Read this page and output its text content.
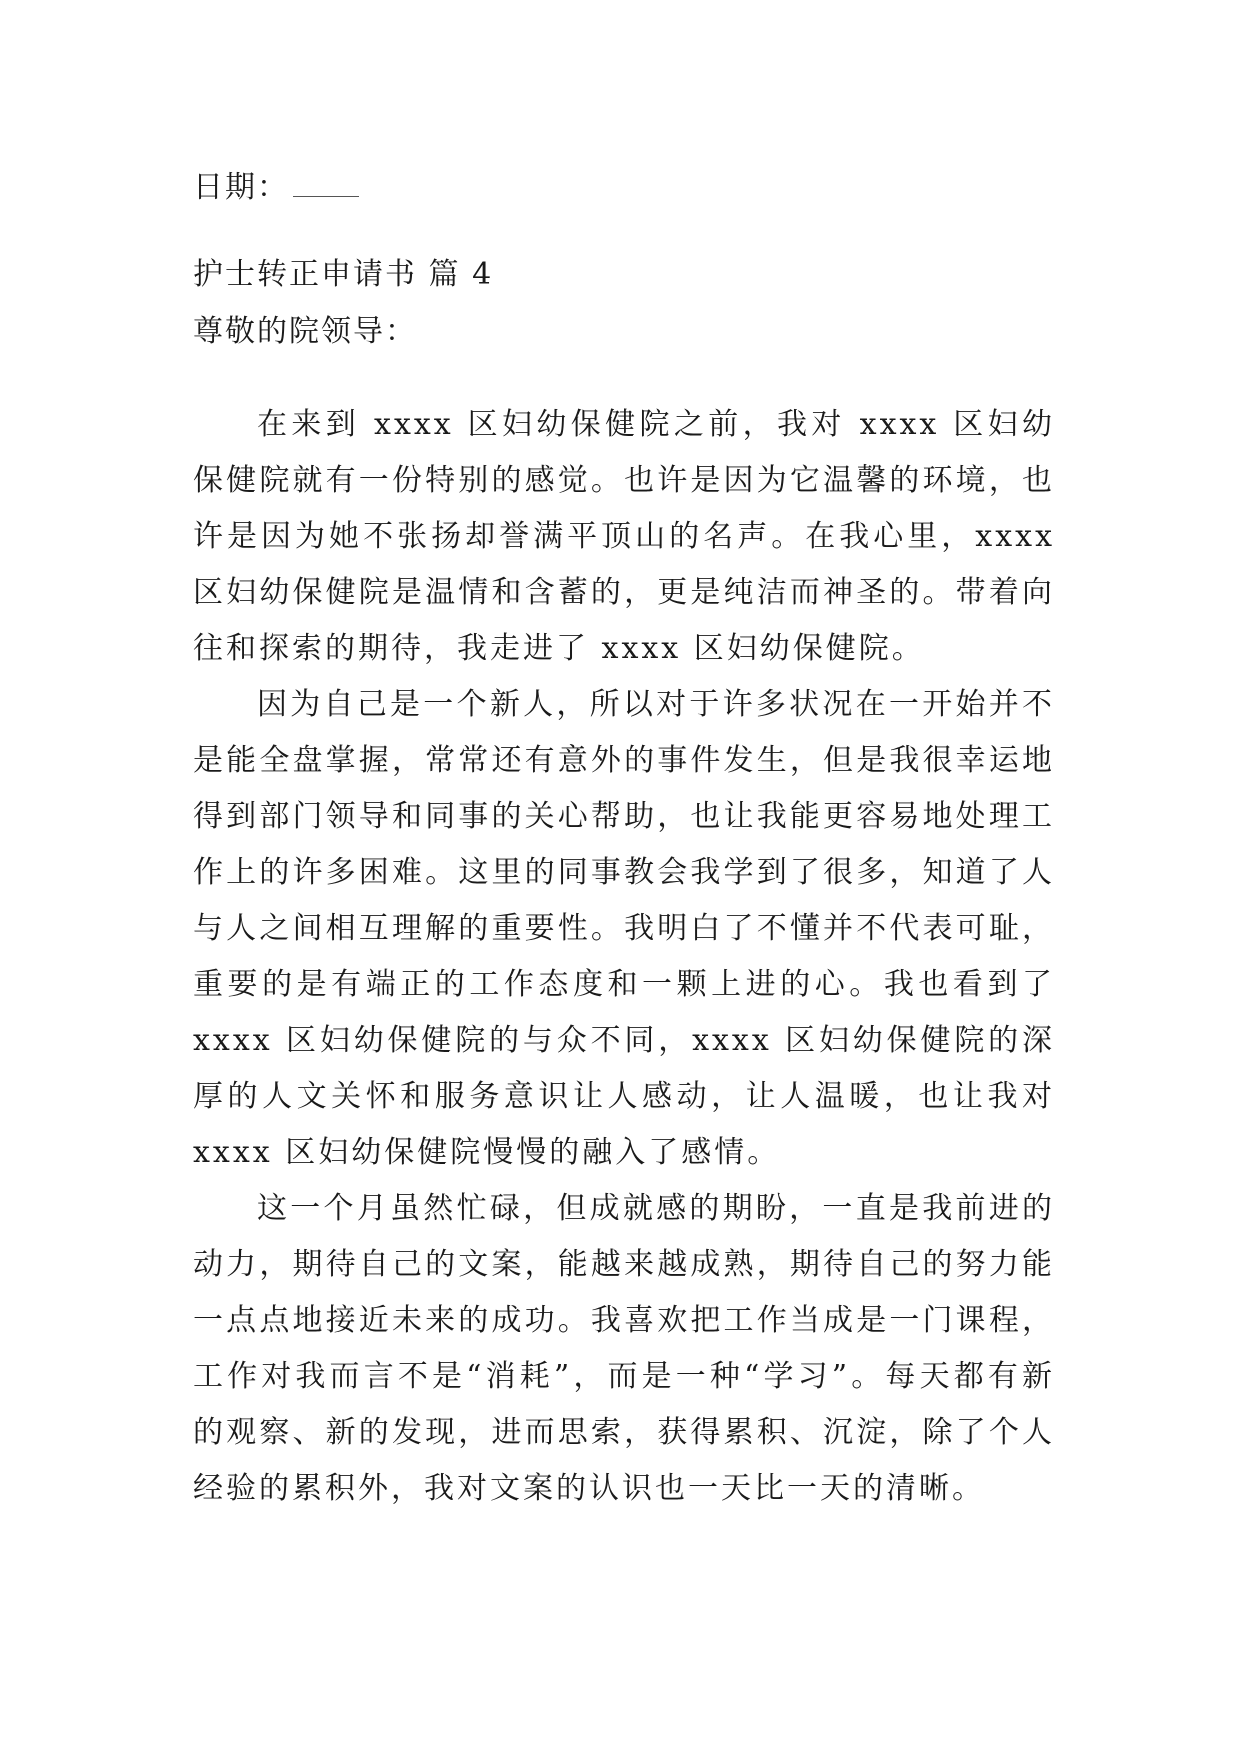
日期：
护士转正申请书 篇 4
尊敬的院领导：

在来到 xxxx 区妇幼保健院之前，我对 xxxx 区妇幼保健院就有一份特别的感觉。也许是因为它温馨的环境，也许是因为她不张扬却誉满平顶山的名声。在我心里，xxxx 区妇幼保健院是温情和含蓄的，更是纯洁而神圣的。带着向往和探索的期待，我走进了 xxxx 区妇幼保健院。

因为自己是一个新人，所以对于许多状况在一开始并不是能全盘掌握，常常还有意外的事件发生，但是我很幸运地得到部门领导和同事的关心帮助，也让我能更容易地处理工作上的许多困难。这里的同事教会我学到了很多，知道了人与人之间相互理解的重要性。我明白了不懂并不代表可耻，重要的是有端正的工作态度和一颗上进的心。我也看到了 xxxx 区妇幼保健院的与众不同，xxxx 区妇幼保健院的深厚的人文关怀和服务意识让人感动，让人温暖，也让我对 xxxx 区妇幼保健院慢慢的融入了感情。

这一个月虽然忙碌，但成就感的期盼，一直是我前进的动力，期待自己的文案，能越来越成熟，期待自己的努力能一点点地接近未来的成功。我喜欢把工作当成是一门课程，工作对我而言不是“消耗”，而是一种“学习”。每天都有新的观察、新的发现，进而思索，获得累积、沉淀，除了个人经验的累积外，我对文案的认识也一天比一天的清晰。
